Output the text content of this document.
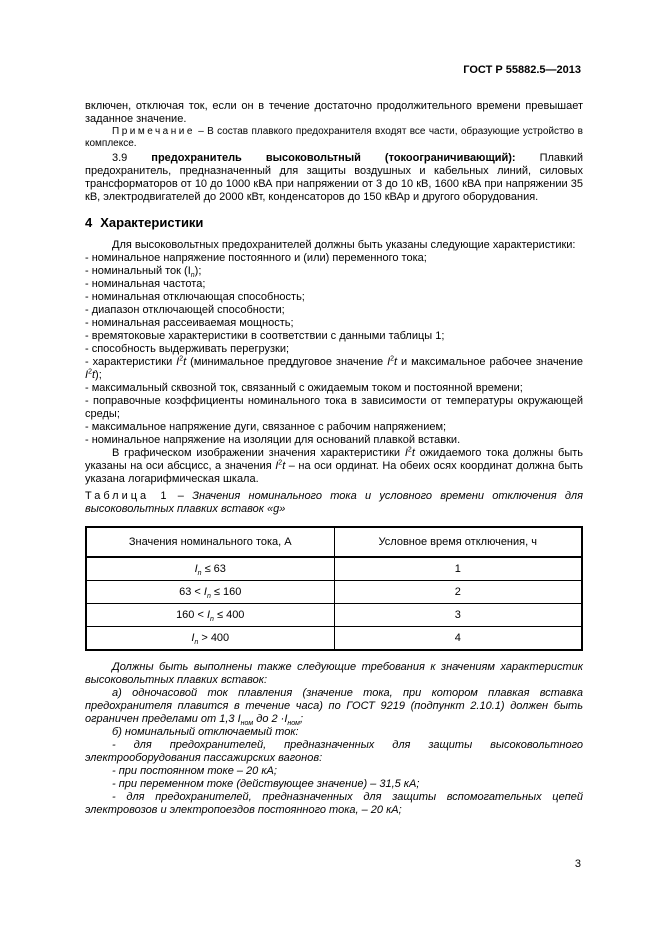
ГОСТ Р 55882.5—2013

включен, отключая ток, если он в течение достаточно продолжительного времени превышает заданное значение.

Примечание – В состав плавкого предохранителя входят все части, образующие устройство в комплексе.

3.9 предохранитель высоковольтный (токоограничивающий): Плавкий предохранитель, предназначенный для защиты воздушных и кабельных линий, силовых трансформаторов от 10 до 1000 кВА при напряжении от 3 до 10 кВ, 1600 кВА при напряжении 35 кВ, электродвигателей до 2000 кВт, конденсаторов до 150 кВАр и другого оборудования.

4 Характеристики

Для высоковольтных предохранителей должны быть указаны следующие характеристики:

- номинальное напряжение постоянного и (или) переменного тока;

- номинальный ток $(I_n)$;

- номинальная частота;

- номинальная отключающая способность;

- диапазон отключающей способности;

- номинальная рассеиваемая мощность;

- времятоковые характеристики в соответствии с данными таблицы 1;

- способность выдерживать перегрузки;

- характеристики $I^2t$ (минимальное преддуговое значение $I^2t$ и максимальное рабочее значение $I^2t$);

- максимальный сквозной ток, связанный с ожидаемым током и постоянной времени;

- поправочные коэффициенты номинального тока в зависимости от температуры окружающей среды;

- максимальное напряжение дуги, связанное с рабочим напряжением;

- номинальное напряжение на изоляции для оснований плавкой вставки.

В графическом изображении значения характеристики $I^2t$ ожидаемого тока должны быть указаны на оси абсцисс, а значения $I^2t$ – на оси ординат. На обеих осях координат должна быть указана логарифмическая шкала.

Таблица 1 – Значения номинального тока и условного времени отключения для высоковольтных плавких вставок «g»

Значения номинального тока, А	Условное время отключения, ч
$I_n \le 63$	1
$63 < I_n \le 160$	2
$160 < I_n \le 400$	3
$I_n > 400$	4

Должны быть выполнены также следующие требования к значениям характеристик высоковольтных плавких вставок:

а) одночасовой ток плавления (значение тока, при котором плавкая вставка предохранителя плавится в течение часа) по ГОСТ 9219 (подпункт 2.10.1) должен быть ограничен пределами от 1,3 $I_{ном}$ до $2 \cdot I_{ном}$;

б) номинальный отключаемый ток:

- для предохранителей, предназначенных для защиты высоковольтного электрооборудования пассажирских вагонов:

- при постоянном токе – 20 кА;

- при переменном токе (действующее значение) – 31,5 кА;

- для предохранителей, предназначенных для защиты вспомогательных цепей электровозов и электропоездов постоянного тока, – 20 кА;

3
